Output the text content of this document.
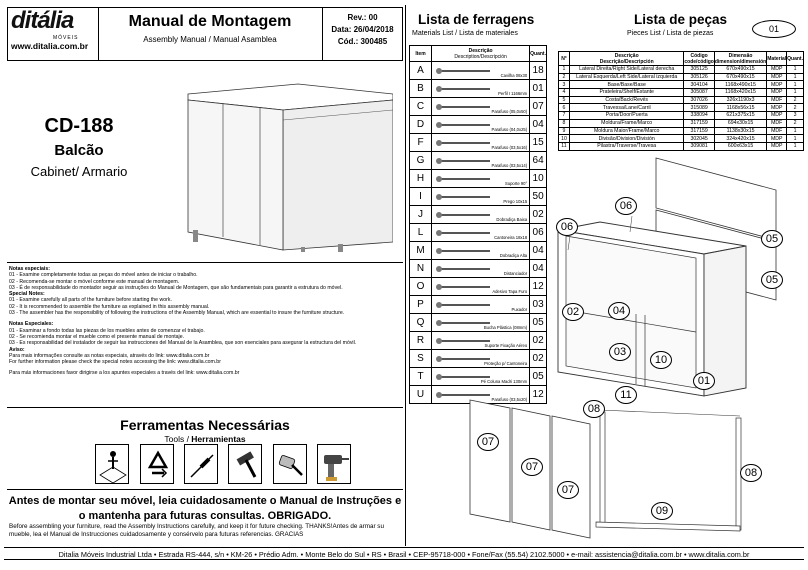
ditália
MÓVEIS
www.ditalia.com.br
Manual de Montagem
Assembly Manual / Manual Asamblea
Rev.: 00
Data: 26/04/2018
Cód.: 300485
CD-188
Balcão
Cabinet/ Armario
Notas especiais:
01 - Examine completamente todas as peças do móvel antes de iniciar o trabalho.
02 - Recomenda-se montar o móvel conforme este manual de montagem.
03 - É de responsabilidade do montador seguir as instruções do Manual de Montagem, que são fundamentais para garantir a estrutura do móvel.
Special Notes:
01 - Examine carefully all parts of the furniture before starting the work.
02 - It is recommended to assemble the furniture as explained in this assembly manual.
03 - The assembler has the responsibility of following the instructions of the Assembly Manual, which are essential to insure the furniture structure.
Notas Especiales:
01 - Examinar a fondo todas las piezas de los muebles antes de comenzar el trabajo.
02 - Se recomienda montar el mueble como el presente manual de montaje.
03 - Es responsabilidad del instalador de seguir las instrucciones del Manual de la Asamblea, que son esenciales para asegurar la estructura del móvil.
Aviso:
Para mais informações consulte as notas especiais, através do link: www.ditalia.com.br
For further information please check the special notes accessing the link: www.ditalia.com.br
Para más informaciones favor dirigirse a los apuntes especiales a través del link: www.ditalia.com.br
Ferramentas Necessárias
Tools / Herramientas
Antes de montar seu móvel, leia cuidadosamente o Manual de Instruções e
o mantenha para futuras consultas. OBRIGADO.
Before assembling your furniture, read the Assembly Instructions carefully, and keep it for future checking. THANKS!Antes de armar su mueble, lea el Manual de Instrucciones cuidadosamente y consérvelo para futuras referencias. GRACIAS
Lista de ferragens
Materials List / Lista de materiales
Item	Descrição
Description/Descripción	Quant.
A	Cavilha 08x30	18
B	Perfil I 1166mm	01
C	Parafuso (05,0x50)	07
D	Parafuso (04,0x25)	04
F	Parafuso (03,5x16)	15
G	Parafuso (03,5x14)	64
H	Suporte 90°	10
I	Prego 10x15	50
J	Dobradiça Baixa	02
L	Cantoneira 18x18	06
M	Dobradiça Alta	04
N	Distanciador	04
O	Adesivo Tapa Furo	12
P	Puxador	03
Q	Bucha Plástica (08mm)	05
R	Suporte Fixação Aéreo	02
S	Proteção p/ Cantoneira	02
T	Pé Coluna Madri 130mm	05
U	Parafuso (03,5x20)	12
Lista de peças
Pieces List / Lista de piezas	01
N°	Descrição
Descrição/Descripción	Código
code/código	Dimensão
dimension/dimensión	Material	Quant.
1	Lateral Direita/Right Side/Lateral derecha	305125	670x490x15	MDP	1
2	Lateral Esquerda/Left Side/Lateral izquierda	305126	670x490x15	MDP	1
3	Base/Base/Base	304104	1168x490x15	MDP	1
4	Prateleira/Shelf/Estante	305087	1168x420x15	MDP	1
5	Costa/Back/Revés	307026	326x1190x3	MDF	2
6	Travessa/Lane/Carril	315089	1168x56x15	MDP	2
7	Porta/Door/Puerta	338094	621x375x15	MDP	3
8	Moldura/Frame/Marco	317159	694x30x15	MDF	2
9	Moldura Maior/Frame/Marco	317159	1138x30x15	MDF	1
10	Divisão/Division/División	302045	324x420x15	MDP	1
11	Pilastra/Traverse/Travesa	309081	600x63x15	MDP	1
06
06
05
05
02	04
03
10
11
01
08
07
07
07
08
09
Ditalia Móveis Industrial Ltda • Estrada RS-444, s/n • KM-26 • Prédio Adm. • Monte Belo do Sul • RS • Brasil • CEP-95718-000 • Fone/Fax (55.54) 2102.5000 • e-mail: assistencia@ditalia.com.br • www.ditalia.com.br
